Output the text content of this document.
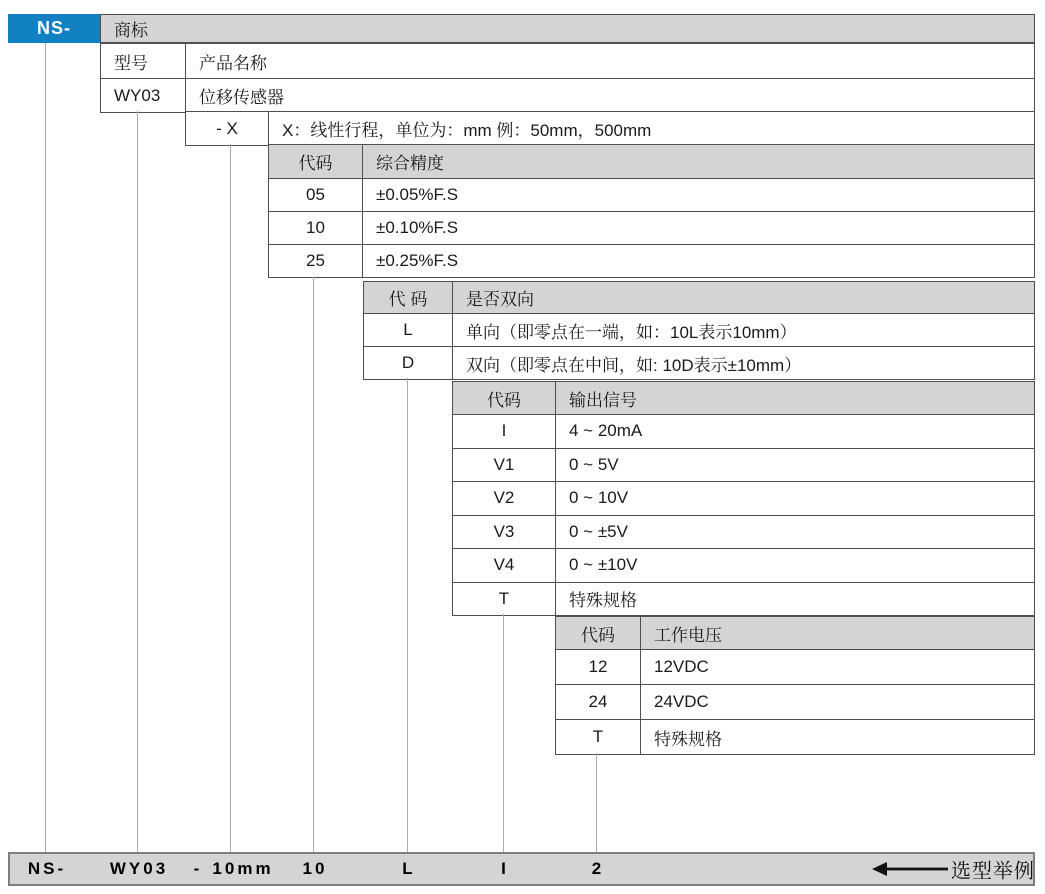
NS-	商标
型号	产品名称
WY03	位移传感器
- X	X：线性行程，单位为：mm 例：50mm，500mm
代码	综合精度
05	±0.05%F.S
10	±0.10%F.S
25	±0.25%F.S
代 码	是否双向
L	单向（即零点在一端，如：10L表示10mm）
D	双向（即零点在中间，如: 10D表示±10mm）
代码	输出信号
I	4 ~ 20mA
V1	0 ~ 5V
V2	0 ~ 10V
V3	0 ~ ±5V
V4	0 ~ ±10V
T	特殊规格
代码	工作电压
12	12VDC
24	24VDC
T	特殊规格
NS-	WY03 - 10mm 10	L	I	2	选型举例
